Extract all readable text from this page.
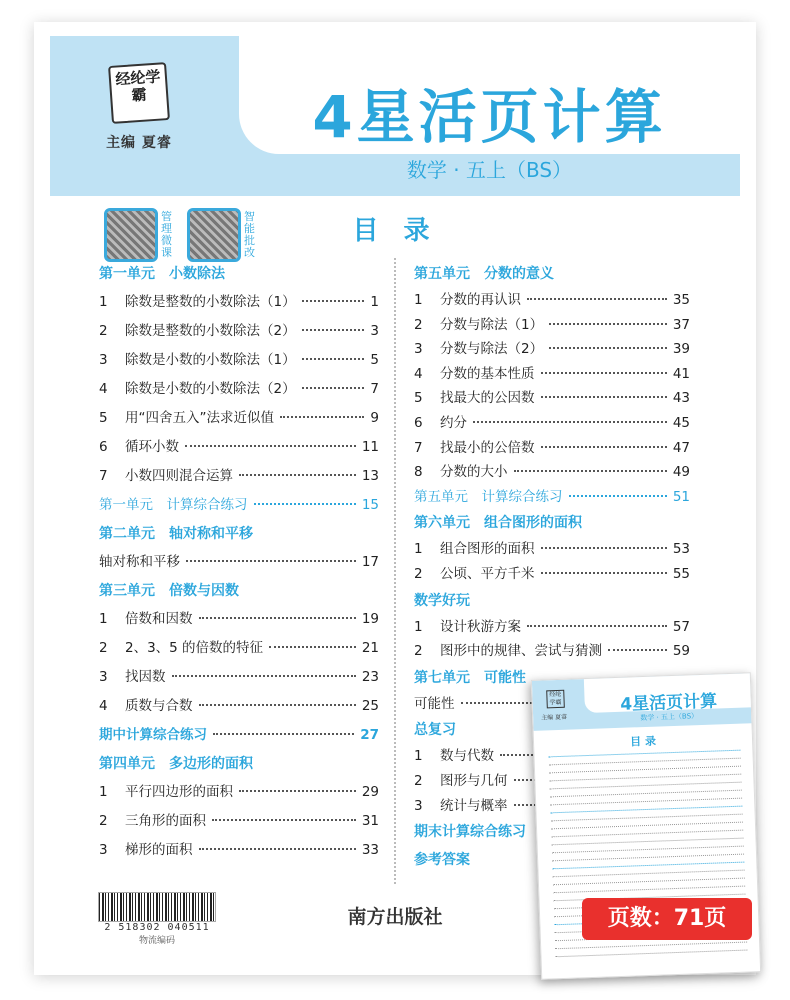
经纶学霸
主编 夏睿	4星活页计算
数学 · 五上（BS）
管理微课
智能批改
目 录
第一单元　小数除法
1	除数是整数的小数除法（1）	1
2	除数是整数的小数除法（2）	3
3	除数是小数的小数除法（1）	5
4	除数是小数的小数除法（2）	7
5	用“四舍五入”法求近似值	9
6	循环小数	11
7	小数四则混合运算	13
第一单元　计算综合练习	15
第二单元　轴对称和平移
轴对称和平移	17
第三单元　倍数与因数
1	倍数和因数	19
2	2、3、5 的倍数的特征	21
3	找因数	23
4	质数与合数	25
期中计算综合练习	27
第四单元　多边形的面积
1	平行四边形的面积	29
2	三角形的面积	31
3	梯形的面积	33
第五单元　分数的意义
1	分数的再认识	35
2	分数与除法（1）	37
3	分数与除法（2）	39
4	分数的基本性质	41
5	找最大的公因数	43
6	约分	45
7	找最小的公倍数	47
8	分数的大小	49
第五单元　计算综合练习	51
第六单元　组合图形的面积
1	组合图形的面积	53
2	公顷、平方千米	55
数学好玩
1	设计秋游方案	57
2	图形中的规律、尝试与猜测	59
第七单元　可能性
可能性
总复习
1	数与代数
2	图形与几何
3	统计与概率
期末计算综合练习
参考答案
2 518302 040511
物流编码
南方出版社
经纶学霸
主编 夏睿
4星活页计算
数学 · 五上（BS）
目 录
页数：71页
